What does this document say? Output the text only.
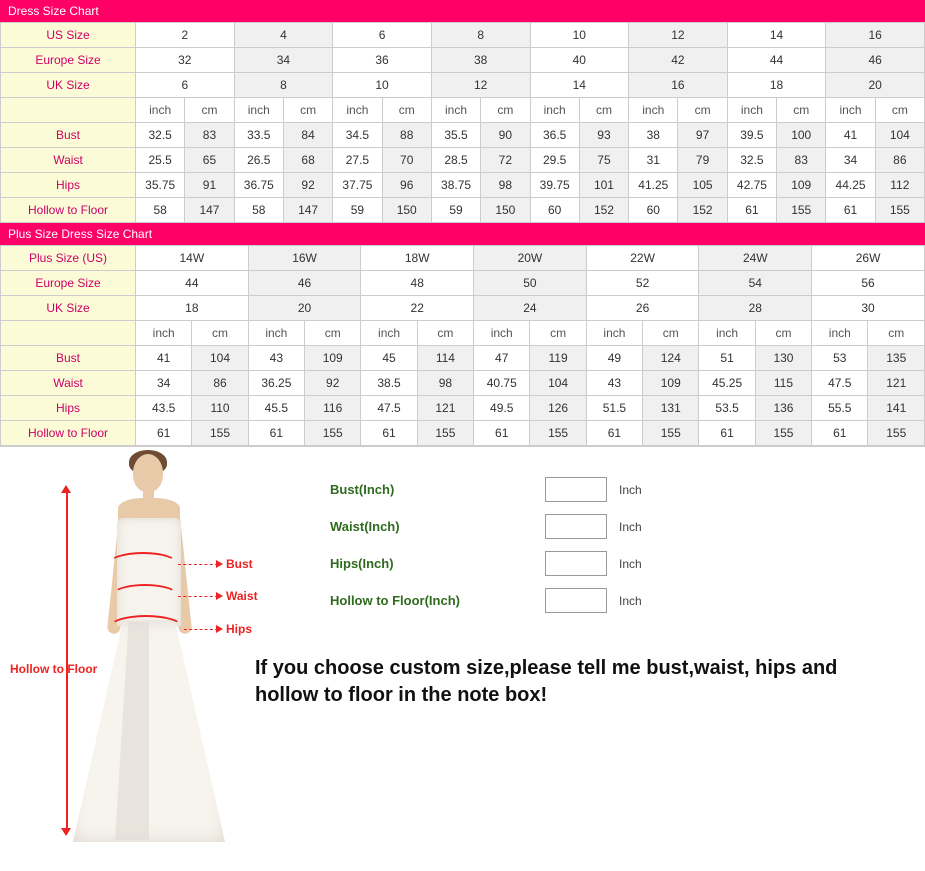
Dress Size Chart
US Size	2		4		6		8		10		12		14		16	
Europe Size	32		34		36		38		40		42		44		46	
UK Size	6		8		10		12		14		16		18		20	
	inch	cm	inch	cm	inch	cm	inch	cm	inch	cm	inch	cm	inch	cm	inch	cm
Bust	32.5	83	33.5	84	34.5	88	35.5	90	36.5	93	38	97	39.5	100	41	104
Waist	25.5	65	26.5	68	27.5	70	28.5	72	29.5	75	31	79	32.5	83	34	86
Hips	35.75	91	36.75	92	37.75	96	38.75	98	39.75	101	41.25	105	42.75	109	44.25	112
Hollow to Floor	58	147	58	147	59	150	59	150	60	152	60	152	61	155	61	155
Plus Size Dress Size Chart
Plus Size (US)	14W		16W		18W		20W		22W		24W		26W	
Europe Size	44		46		48		50		52		54		56	
UK Size	18		20		22		24		26		28		30	
	inch	cm	inch	cm	inch	cm	inch	cm	inch	cm	inch	cm	inch	cm
Bust	41	104	43	109	45	114	47	119	49	124	51	130	53	135
Waist	34	86	36.25	92	38.5	98	40.75	104	43	109	45.25	115	47.5	121
Hips	43.5	110	45.5	116	47.5	121	49.5	126	51.5	131	53.5	136	55.5	141
Hollow to Floor	61	155	61	155	61	155	61	155	61	155	61	155	61	155
Hollow to Floor
Bust
Waist
Hips
Bust(Inch)	Inch
Waist(Inch)	Inch
Hips(Inch)	Inch
Hollow to Floor(Inch)	Inch
If you choose custom size,please tell me bust,waist, hips and hollow to floor in the note box!
